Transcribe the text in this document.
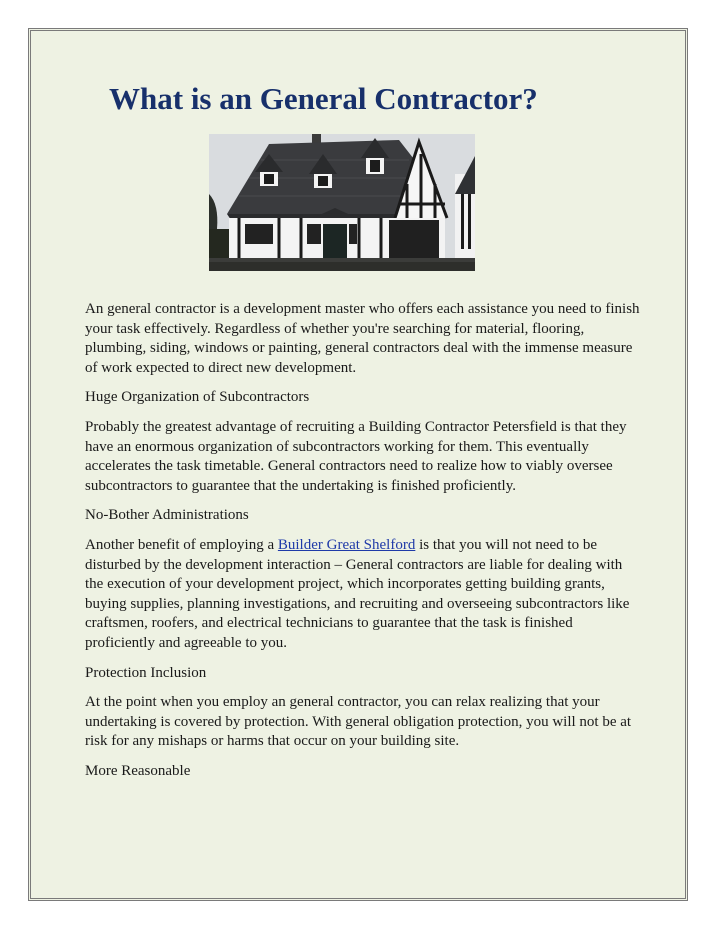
What is an General Contractor?

An general contractor is a development master who offers each assistance you need to finish your task effectively. Regardless of whether you're searching for material, flooring, plumbing, siding, windows or painting, general contractors deal with the immense measure of work expected to direct new development.

Huge Organization of Subcontractors

Probably the greatest advantage of recruiting a Building Contractor Petersfield is that they have an enormous organization of subcontractors working for them. This eventually accelerates the task timetable. General contractors need to realize how to viably oversee subcontractors to guarantee that the undertaking is finished proficiently.

No-Bother Administrations

Another benefit of employing a Builder Great Shelford is that you will not need to be disturbed by the development interaction – General contractors are liable for dealing with the execution of your development project, which incorporates getting building grants, buying supplies, planning investigations, and recruiting and overseeing subcontractors like craftsmen, roofers, and electrical technicians to guarantee that the task is finished proficiently and agreeable to you.

Protection Inclusion

At the point when you employ an general contractor, you can relax realizing that your undertaking is covered by protection. With general obligation protection, you will not be at risk for any mishaps or harms that occur on your building site.

More Reasonable
